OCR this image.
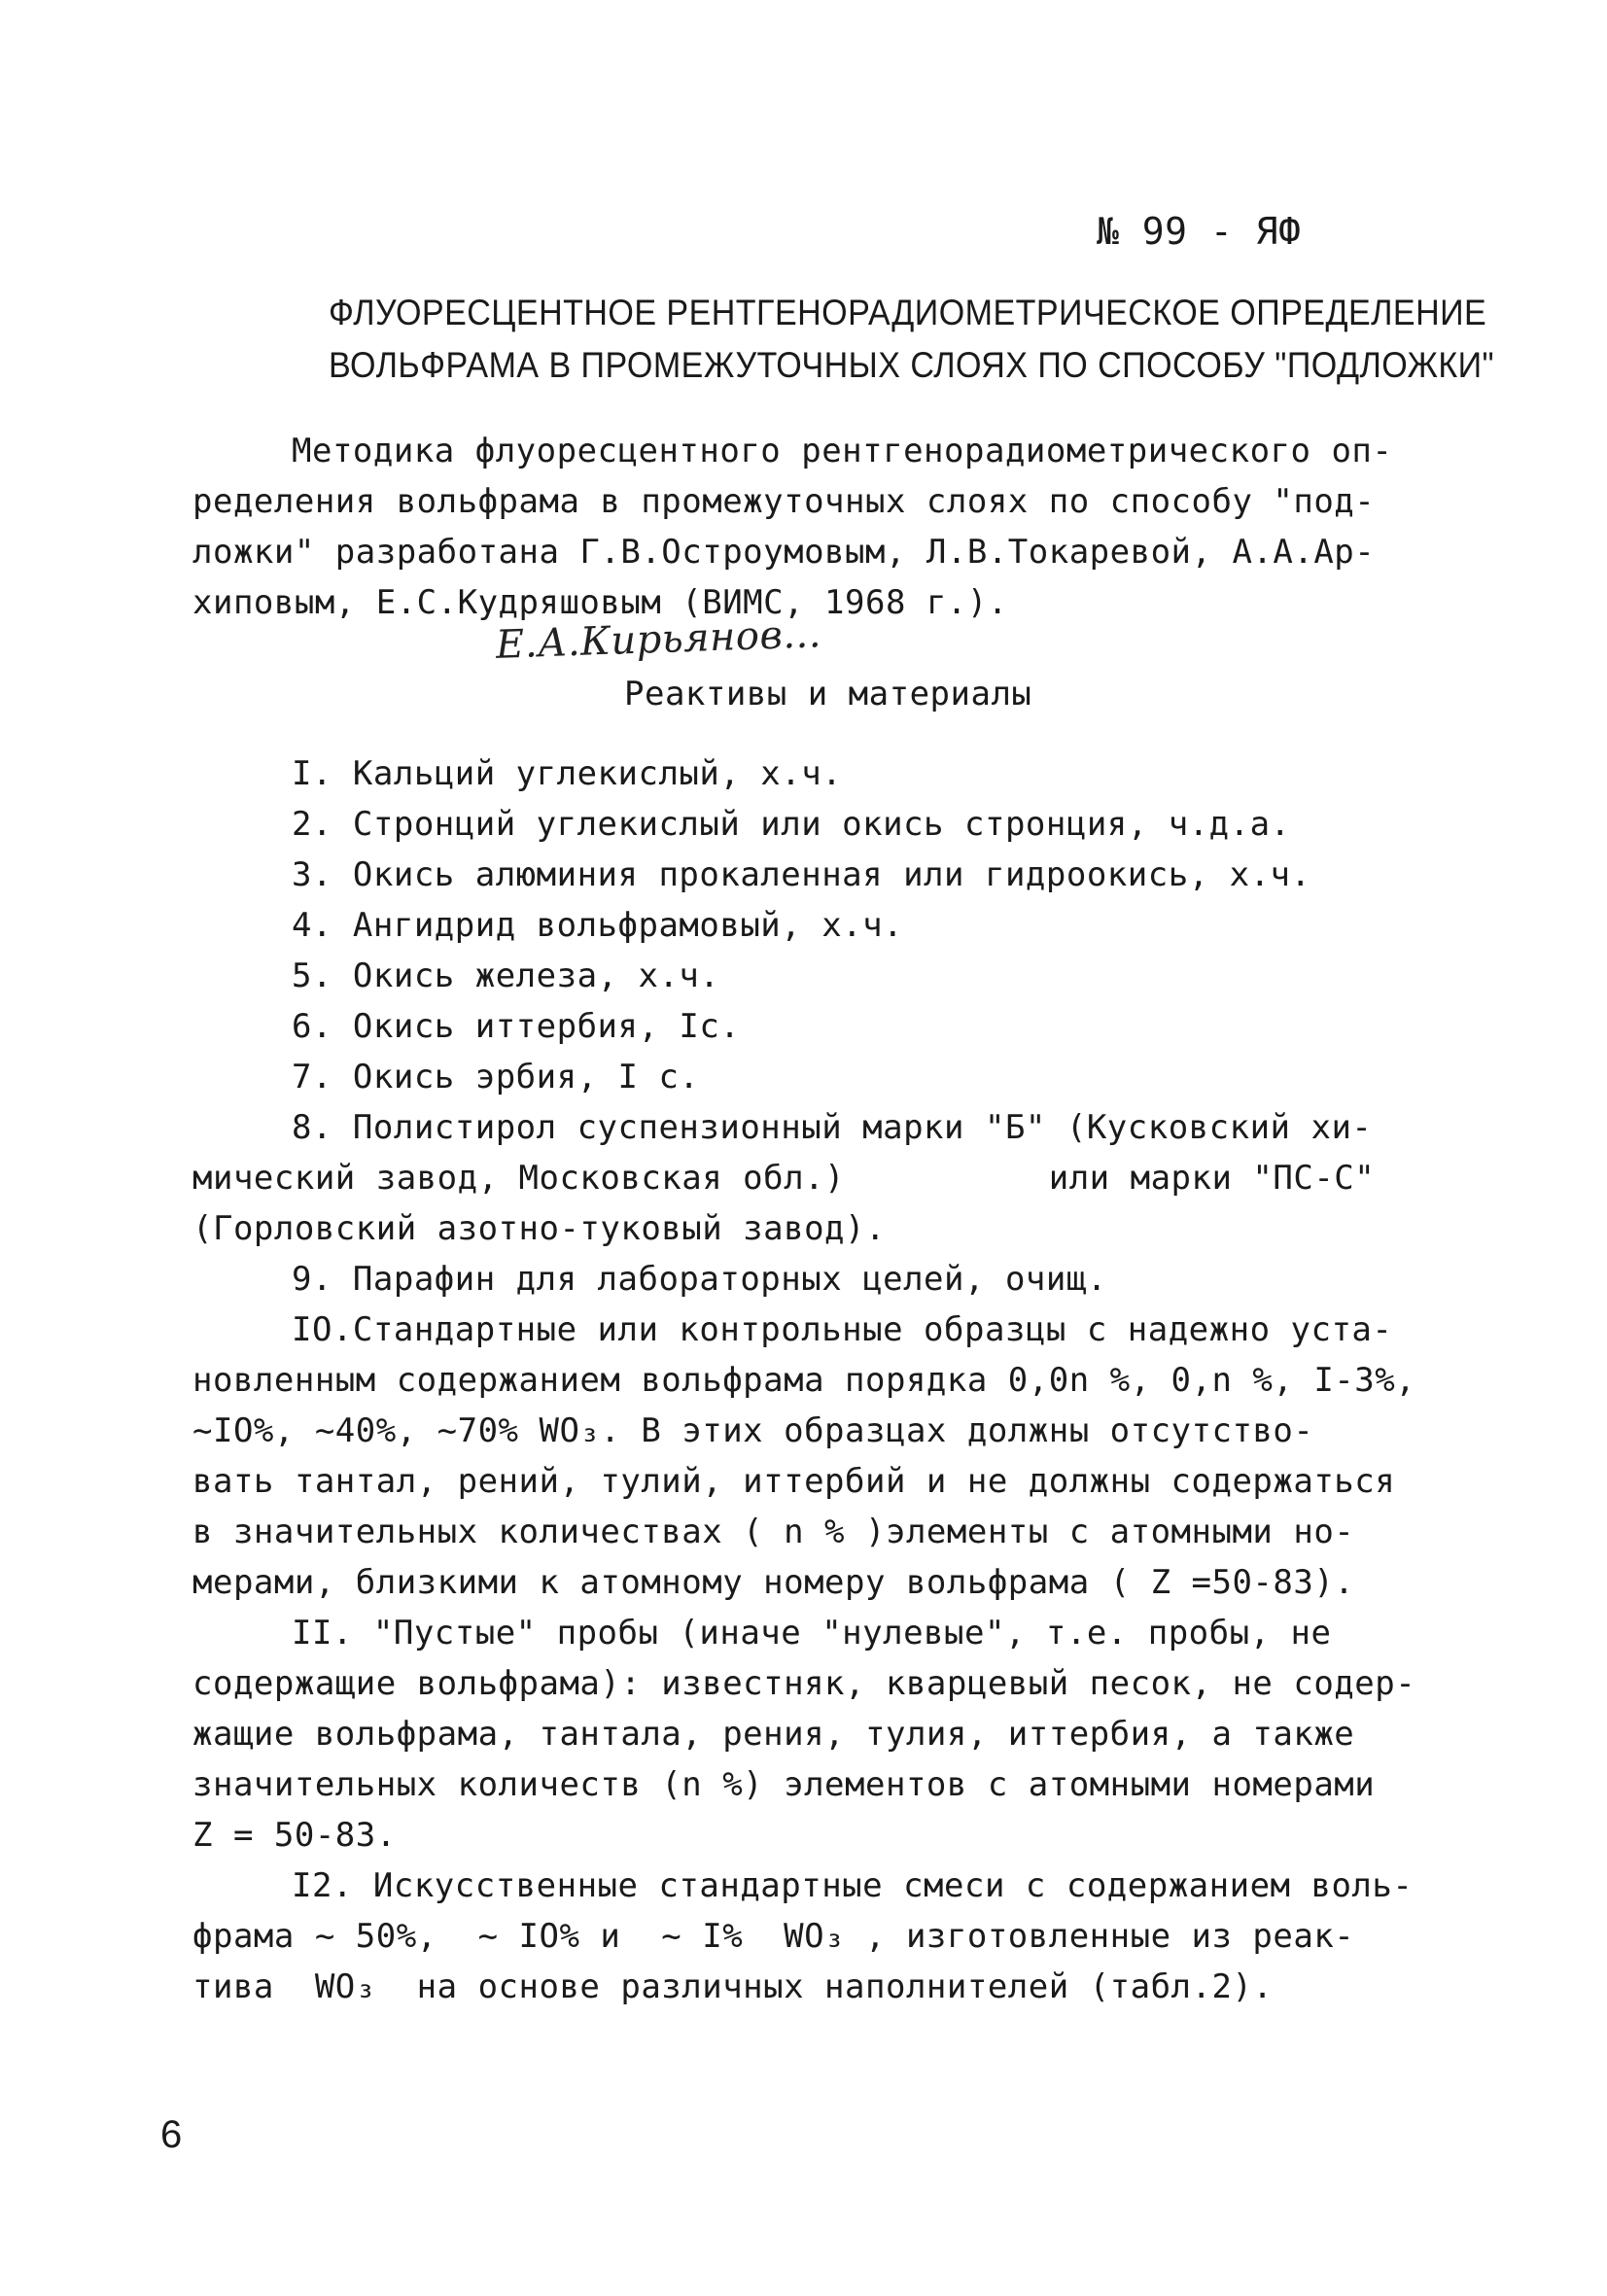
№ 99 - ЯФ
ФЛУОРЕСЦЕНТНОЕ РЕНТГЕНОРАДИОМЕТРИЧЕСКОЕ ОПРЕДЕЛЕНИЕ
ВОЛЬФРАМА В ПРОМЕЖУТОЧНЫХ СЛОЯХ ПО СПОСОБУ "ПОДЛОЖКИ"
Методика флуоресцентного рентгенорадиометрического оп-
ределения вольфрама в промежуточных слоях по способу "под-
ложки" разработана Г.В.Остроумовым, Л.В.Токаревой, А.А.Ар-
хиповым, Е.С.Кудряшовым (ВИМС, 1968 г.).
Е.А.Кирьянов...
Реактивы и материалы
I. Кальций углекислый, х.ч.
2. Стронций углекислый или окись стронция, ч.д.а.
3. Окись алюминия прокаленная или гидроокись, х.ч.
4. Ангидрид вольфрамовый, х.ч.
5. Окись железа, х.ч.
6. Окись иттербия, Iс.
7. Окись эрбия, I с.
8. Полистирол суспензионный марки "Б" (Кусковский хи-
мический завод, Московская обл.)          или марки "ПС-С"
(Горловский азотно-туковый завод).
9. Парафин для лабораторных целей, очищ.
IO.Стандартные или контрольные образцы с надежно уста-
новленным содержанием вольфрама порядка 0,0n %, 0,n %, I-3%,
~IO%, ~40%, ~70% WO₃. В этих образцах должны отсутство-
вать тантал, рений, тулий, иттербий и не должны содержаться
в значительных количествах ( n % )элементы с атомными но-
мерами, близкими к атомному номеру вольфрама ( Z =50-83).
II. "Пустые" пробы (иначе "нулевые", т.е. пробы, не
содержащие вольфрама): известняк, кварцевый песок, не содер-
жащие вольфрама, тантала, рения, тулия, иттербия, а также
значительных количеств (n %) элементов с атомными номерами
Z = 50-83.
I2. Искусственные стандартные смеси с содержанием воль-
фрама ~ 50%,  ~ IO% и  ~ I%  WO₃ , изготовленные из реак-
тива  WO₃  на основе различных наполнителей (табл.2).
6
